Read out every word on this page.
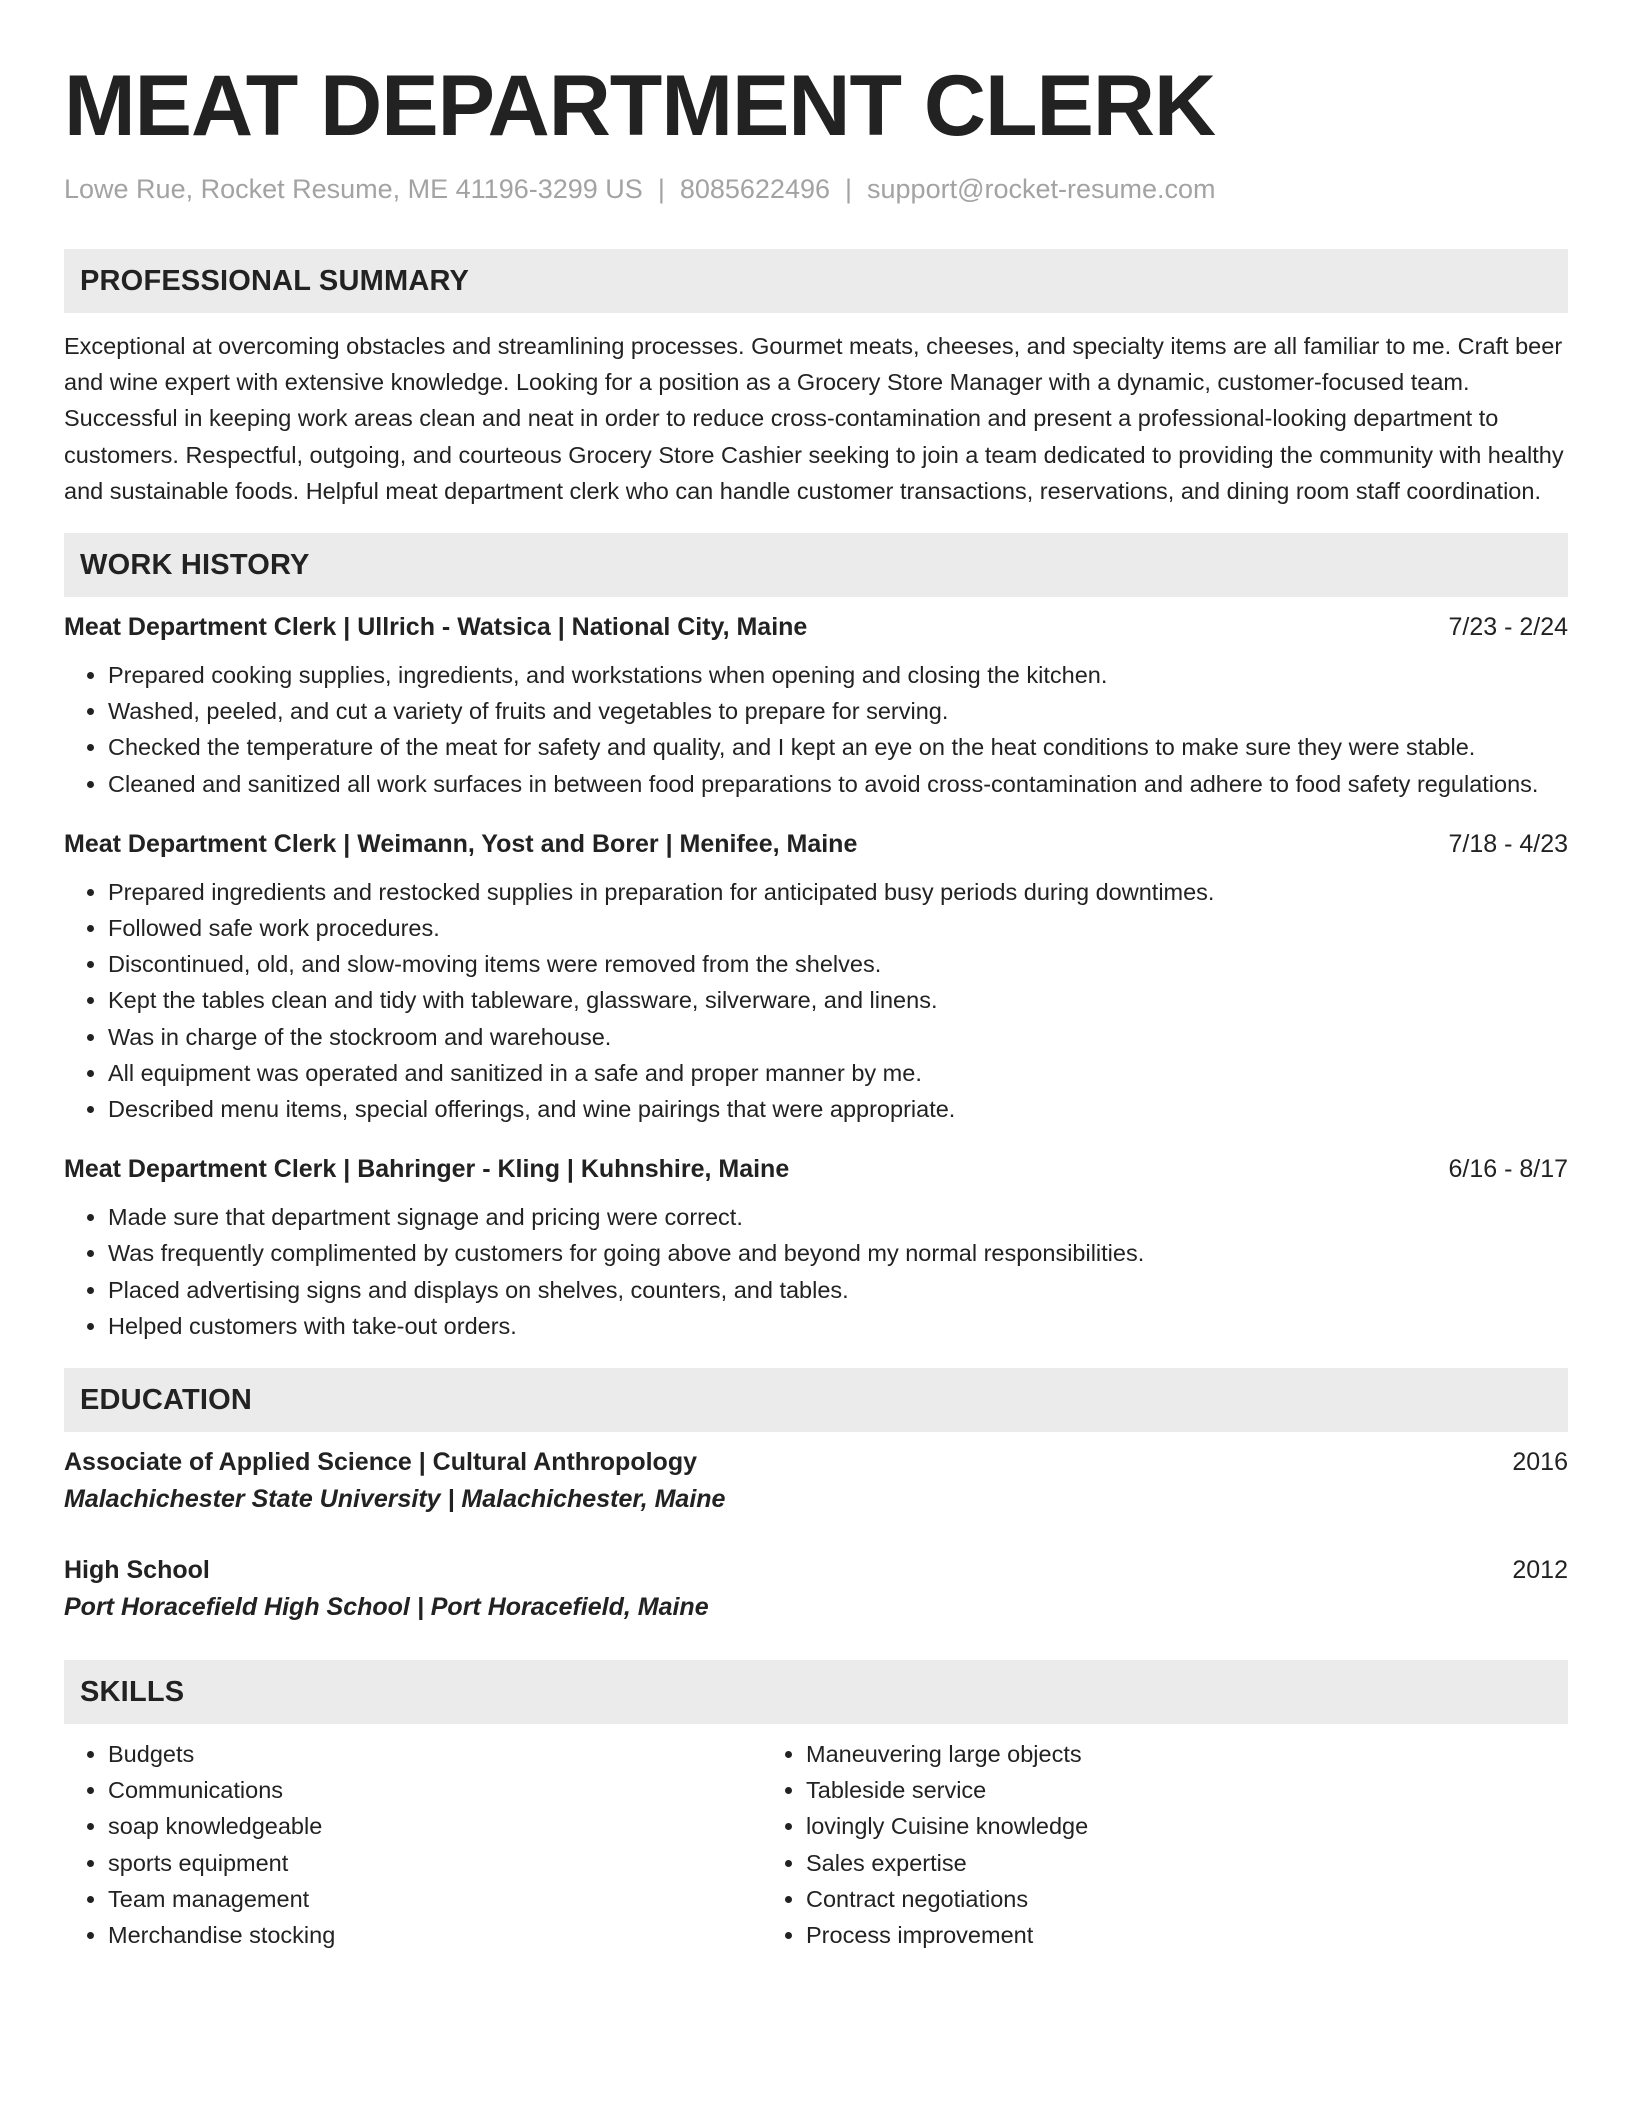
MEAT DEPARTMENT CLERK
Lowe Rue, Rocket Resume, ME 41196-3299 US | 8085622496 | support@rocket-resume.com
PROFESSIONAL SUMMARY

Exceptional at overcoming obstacles and streamlining processes. Gourmet meats, cheeses, and specialty items are all familiar to me. Craft beer and wine expert with extensive knowledge. Looking for a position as a Grocery Store Manager with a dynamic, customer-focused team. Successful in keeping work areas clean and neat in order to reduce cross-contamination and present a professional-looking department to customers. Respectful, outgoing, and courteous Grocery Store Cashier seeking to join a team dedicated to providing the community with healthy and sustainable foods. Helpful meat department clerk who can handle customer transactions, reservations, and dining room staff coordination.

WORK HISTORY
Meat Department Clerk | Ullrich - Watsica | National City, Maine	7/23 - 2/24
• Prepared cooking supplies, ingredients, and workstations when opening and closing the kitchen.
• Washed, peeled, and cut a variety of fruits and vegetables to prepare for serving.
• Checked the temperature of the meat for safety and quality, and I kept an eye on the heat conditions to make sure they were stable.
• Cleaned and sanitized all work surfaces in between food preparations to avoid cross-contamination and adhere to food safety regulations.
Meat Department Clerk | Weimann, Yost and Borer | Menifee, Maine	7/18 - 4/23
• Prepared ingredients and restocked supplies in preparation for anticipated busy periods during downtimes.
• Followed safe work procedures.
• Discontinued, old, and slow-moving items were removed from the shelves.
• Kept the tables clean and tidy with tableware, glassware, silverware, and linens.
• Was in charge of the stockroom and warehouse.
• All equipment was operated and sanitized in a safe and proper manner by me.
• Described menu items, special offerings, and wine pairings that were appropriate.
Meat Department Clerk | Bahringer - Kling | Kuhnshire, Maine	6/16 - 8/17
• Made sure that department signage and pricing were correct.
• Was frequently complimented by customers for going above and beyond my normal responsibilities.
• Placed advertising signs and displays on shelves, counters, and tables.
• Helped customers with take-out orders.
EDUCATION
Associate of Applied Science | Cultural Anthropology	2016
Malachichester State University | Malachichester, Maine
High School	2012
Port Horacefield High School | Port Horacefield, Maine
SKILLS
• Budgets
• Communications
• soap knowledgeable
• sports equipment
• Team management
• Merchandise stocking
• Maneuvering large objects
• Tableside service
• lovingly Cuisine knowledge
• Sales expertise
• Contract negotiations
• Process improvement
